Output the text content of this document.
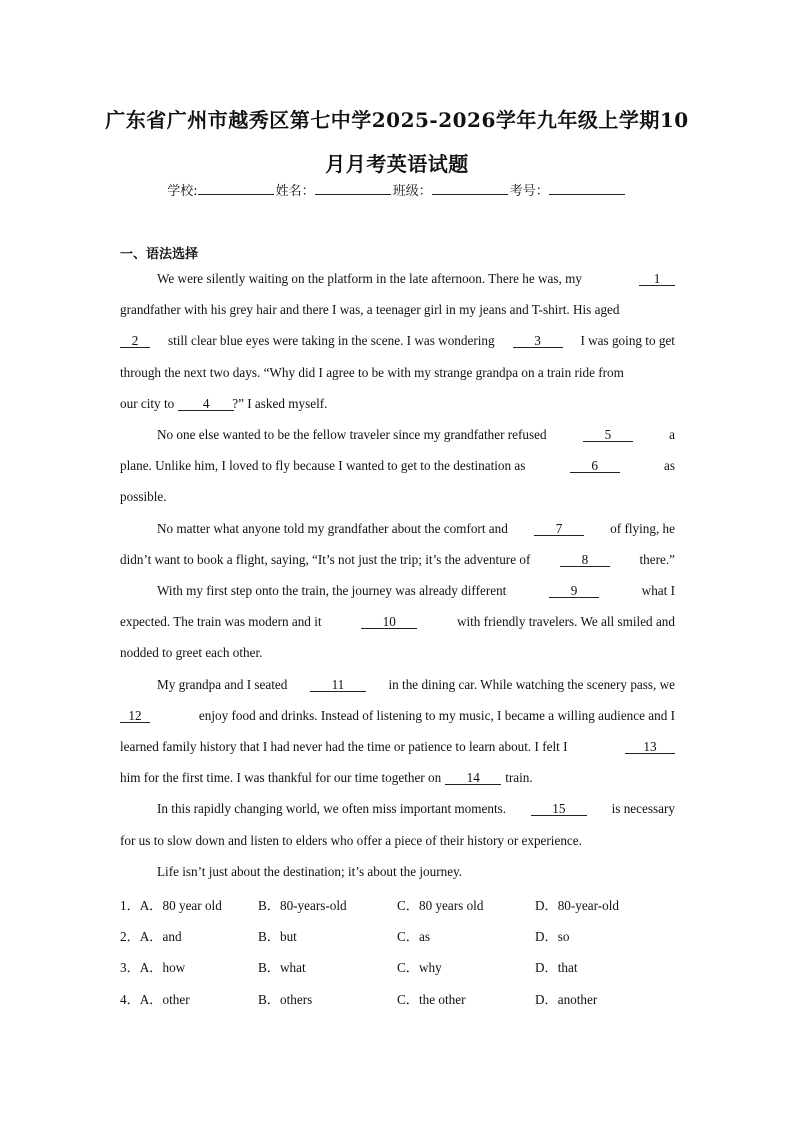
广东省广州市越秀区第七中学2025-2026学年九年级上学期10
月月考英语试题
学校:	姓名：	班级：	考号：
一、语法选择
We were silently waiting on the platform in the late afternoon. There he was, my	1
grandfather with his grey hair and there I was, a teenager girl in my jeans and T-shirt. His aged
2	still clear blue eyes were taking in the scene. I was wondering	3	I was going to get
through the next two days. “Why did I agree to be with my strange grandpa on a train ride from
our city to	4	?” I asked myself.
No one else wanted to be the fellow traveler since my grandfather refused	5	a
plane. Unlike him, I loved to fly because I wanted to get to the destination as	6	as
possible.
No matter what anyone told my grandfather about the comfort and	7	of flying, he
didn’t want to book a flight, saying, “It’s not just the trip; it’s the adventure of	8	there.”
With my first step onto the train, the journey was already different	9	what I
expected. The train was modern and it	10	with friendly travelers. We all smiled and
nodded to greet each other.
My grandpa and I seated	11	in the dining car. While watching the scenery pass, we
12	enjoy food and drinks. Instead of listening to my music, I became a willing audience and I
learned family history that I had never had the time or patience to learn about. I felt I	13
him for the first time. I was thankful for our time together on	14	train.
In this rapidly changing world, we often miss important moments.	15	is necessary
for us to slow down and listen to elders who offer a piece of their history or experience.
Life isn’t just about the destination; it’s about the journey.
1．A．80 year old	B．80-years-old	C．80 years old	D．80-year-old
2．A．and	B．but	C．as	D．so
3．A．how	B．what	C．why	D．that
4．A．other	B．others	C．the other	D．another
